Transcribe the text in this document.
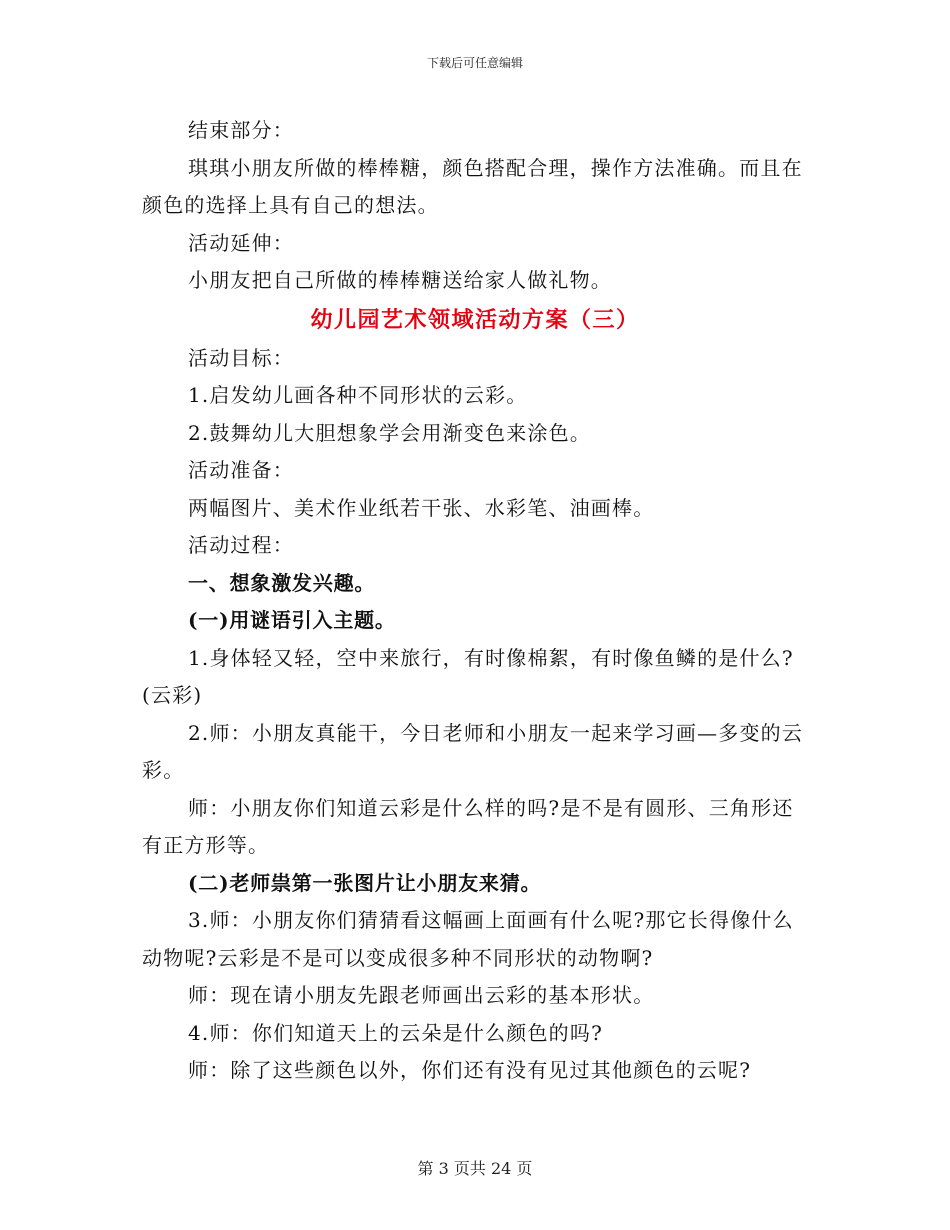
下载后可任意编辑

结束部分：

琪琪小朋友所做的棒棒糖，颜色搭配合理，操作方法准确。而且在颜色的选择上具有自己的想法。

活动延伸：

小朋友把自己所做的棒棒糖送给家人做礼物。

幼儿园艺术领域活动方案（三）

活动目标：

1.启发幼儿画各种不同形状的云彩。

2.鼓舞幼儿大胆想象学会用渐变色来涂色。

活动准备：

两幅图片、美术作业纸若干张、水彩笔、油画棒。

活动过程：

一、想象激发兴趣。

(一)用谜语引入主题。

1.身体轻又轻，空中来旅行，有时像棉絮，有时像鱼鳞的是什么?(云彩)

2.师：小朋友真能干，今日老师和小朋友一起来学习画—多变的云彩。

师：小朋友你们知道云彩是什么样的吗?是不是有圆形、三角形还有正方形等。

(二)老师祟第一张图片让小朋友来猜。

3.师：小朋友你们猜猜看这幅画上面画有什么呢?那它长得像什么动物呢?云彩是不是可以变成很多种不同形状的动物啊?

师：现在请小朋友先跟老师画出云彩的基本形状。

4.师：你们知道天上的云朵是什么颜色的吗?

师：除了这些颜色以外，你们还有没有见过其他颜色的云呢?

第 3 页共 24 页
